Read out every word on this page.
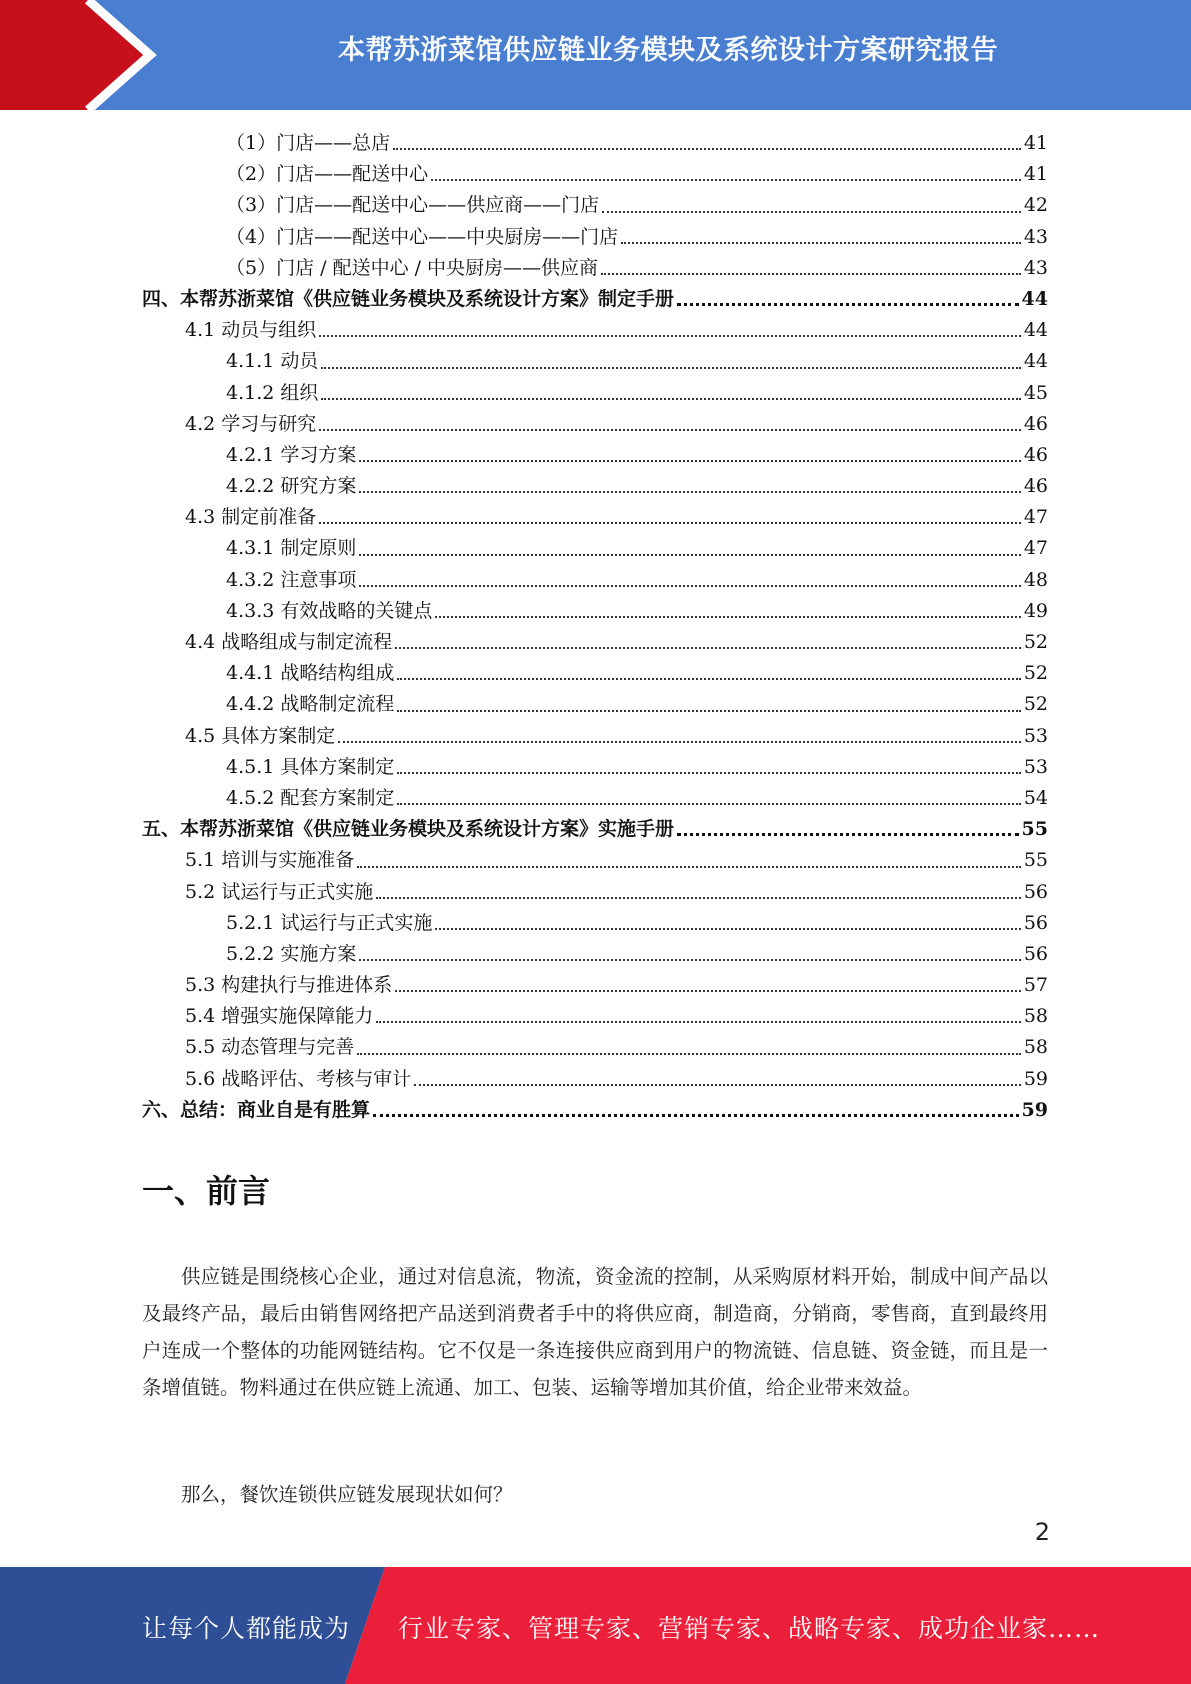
本帮苏浙菜馆供应链业务模块及系统设计方案研究报告
（1）门店——总店	41
（2）门店——配送中心	41
（3）门店——配送中心——供应商——门店	42
（4）门店——配送中心——中央厨房——门店	43
（5）门店 / 配送中心 / 中央厨房——供应商	43
四、本帮苏浙菜馆《供应链业务模块及系统设计方案》制定手册	44
4.1 动员与组织	44
4.1.1 动员	44
4.1.2 组织	45
4.2 学习与研究	46
4.2.1 学习方案	46
4.2.2 研究方案	46
4.3 制定前准备	47
4.3.1 制定原则	47
4.3.2 注意事项	48
4.3.3 有效战略的关键点	49
4.4 战略组成与制定流程	52
4.4.1 战略结构组成	52
4.4.2 战略制定流程	52
4.5 具体方案制定	53
4.5.1 具体方案制定	53
4.5.2 配套方案制定	54
五、本帮苏浙菜馆《供应链业务模块及系统设计方案》实施手册	55
5.1 培训与实施准备	55
5.2 试运行与正式实施	56
5.2.1 试运行与正式实施	56
5.2.2 实施方案	56
5.3 构建执行与推进体系	57
5.4 增强实施保障能力	58
5.5 动态管理与完善	58
5.6 战略评估、考核与审计	59
六、总结：商业自是有胜算	59
一、前言

供应链是围绕核心企业，通过对信息流，物流，资金流的控制，从采购原材料开始，制成中间产品以及最终产品，最后由销售网络把产品送到消费者手中的将供应商，制造商，分销商，零售商，直到最终用户连成一个整体的功能网链结构。它不仅是一条连接供应商到用户的物流链、信息链、资金链，而且是一条增值链。物料通过在供应链上流通、加工、包装、运输等增加其价值，给企业带来效益。

那么，餐饮连锁供应链发展现状如何？

2
让每个人都能成为 行业专家、管理专家、营销专家、战略专家、成功企业家……
